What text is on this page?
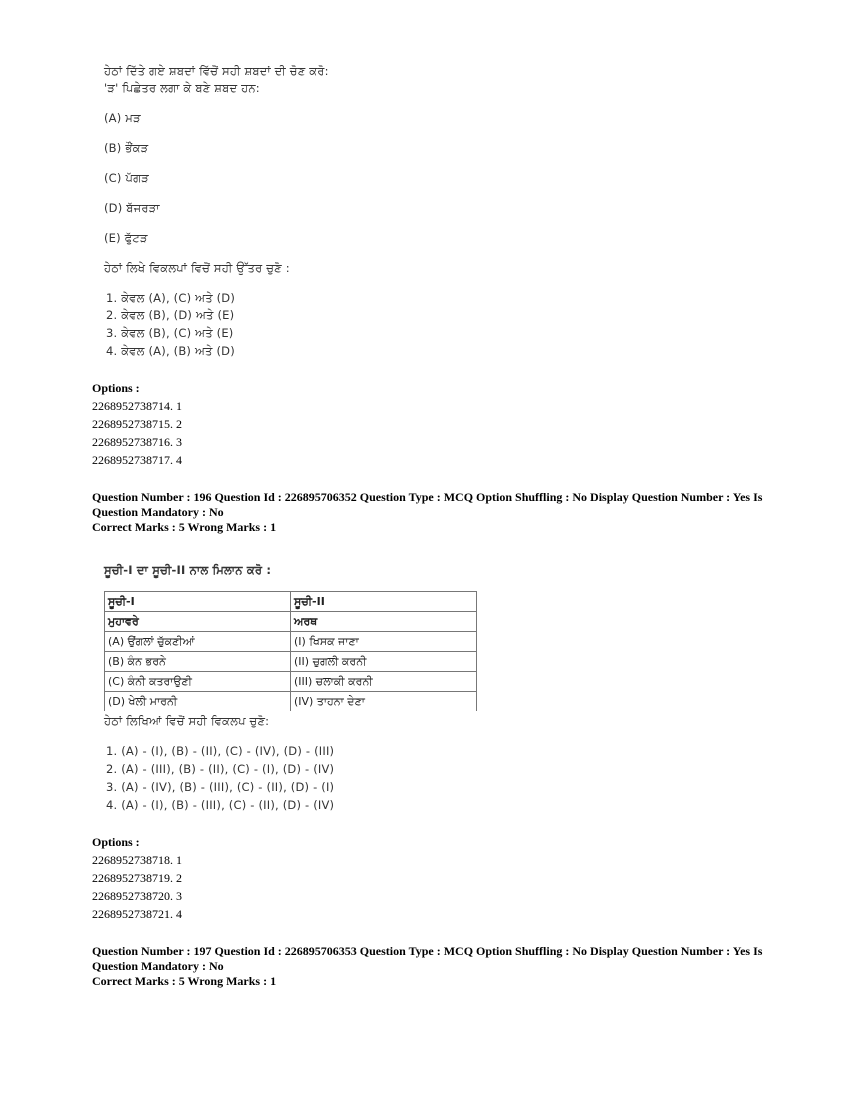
ਹੇਠਾਂ ਦਿੱਤੇ ਗਏ ਸ਼ਬਦਾਂ ਵਿੱਚੋਂ ਸਹੀ ਸ਼ਬਦਾਂ ਦੀ ਚੋਣ ਕਰੋ:
'ੜ' ਪਿਛੇਤਰ ਲਗਾ ਕੇ ਬਣੇ ਸ਼ਬਦ ਹਨ:
(A) ਮੜ
(B) ਭੌਂਕੜ
(C) ਪੱਗੜ
(D) ਬੱਜਰੜਾ
(E) ਫੁੱਟੜ
ਹੇਠਾਂ ਲਿਖੇ ਵਿਕਲਪਾਂ ਵਿਚੋਂ ਸਹੀ ਉੱਤਰ ਚੁਣੋ :
1. ਕੇਵਲ (A), (C) ਅਤੇ (D)
2. ਕੇਵਲ (B), (D) ਅਤੇ (E)
3. ਕੇਵਲ (B), (C) ਅਤੇ (E)
4. ਕੇਵਲ (A), (B) ਅਤੇ (D)
Options :
2268952738714. 1
2268952738715. 2
2268952738716. 3
2268952738717. 4
Question Number : 196 Question Id : 226895706352 Question Type : MCQ Option Shuffling : No Display Question Number : Yes Is Question Mandatory : No
Correct Marks : 5 Wrong Marks : 1
ਸੂਚੀ-I ਦਾ ਸੂਚੀ-II ਨਾਲ ਮਿਲਾਨ ਕਰੋ :
ਸੂਚੀ-I	ਸੂਚੀ-II
ਮੁਹਾਵਰੇ	ਅਰਥ
(A) ਉਂਗਲਾਂ ਚੁੱਕਣੀਆਂ	(I) ਖਿਸਕ ਜਾਣਾ
(B) ਕੰਨ ਭਰਨੇ	(II) ਚੁਗਲੀ ਕਰਨੀ
(C) ਕੰਨੀ ਕਤਰਾਉਣੀ	(III) ਚਲਾਕੀ ਕਰਨੀ
(D) ਖੇਲੀ ਮਾਰਨੀ	(IV) ਤਾਹਨਾ ਦੇਣਾ
ਹੇਠਾਂ ਲਿਖਿਆਂ ਵਿਚੋਂ ਸਹੀ ਵਿਕਲਪ ਚੁਣੋ:
1. (A) - (I), (B) - (II), (C) - (IV), (D) - (III)
2. (A) - (III), (B) - (II), (C) - (I), (D) - (IV)
3. (A) - (IV), (B) - (III), (C) - (II), (D) - (I)
4. (A) - (I), (B) - (III), (C) - (II), (D) - (IV)
Options :
2268952738718. 1
2268952738719. 2
2268952738720. 3
2268952738721. 4
Question Number : 197 Question Id : 226895706353 Question Type : MCQ Option Shuffling : No Display Question Number : Yes Is Question Mandatory : No
Correct Marks : 5 Wrong Marks : 1
